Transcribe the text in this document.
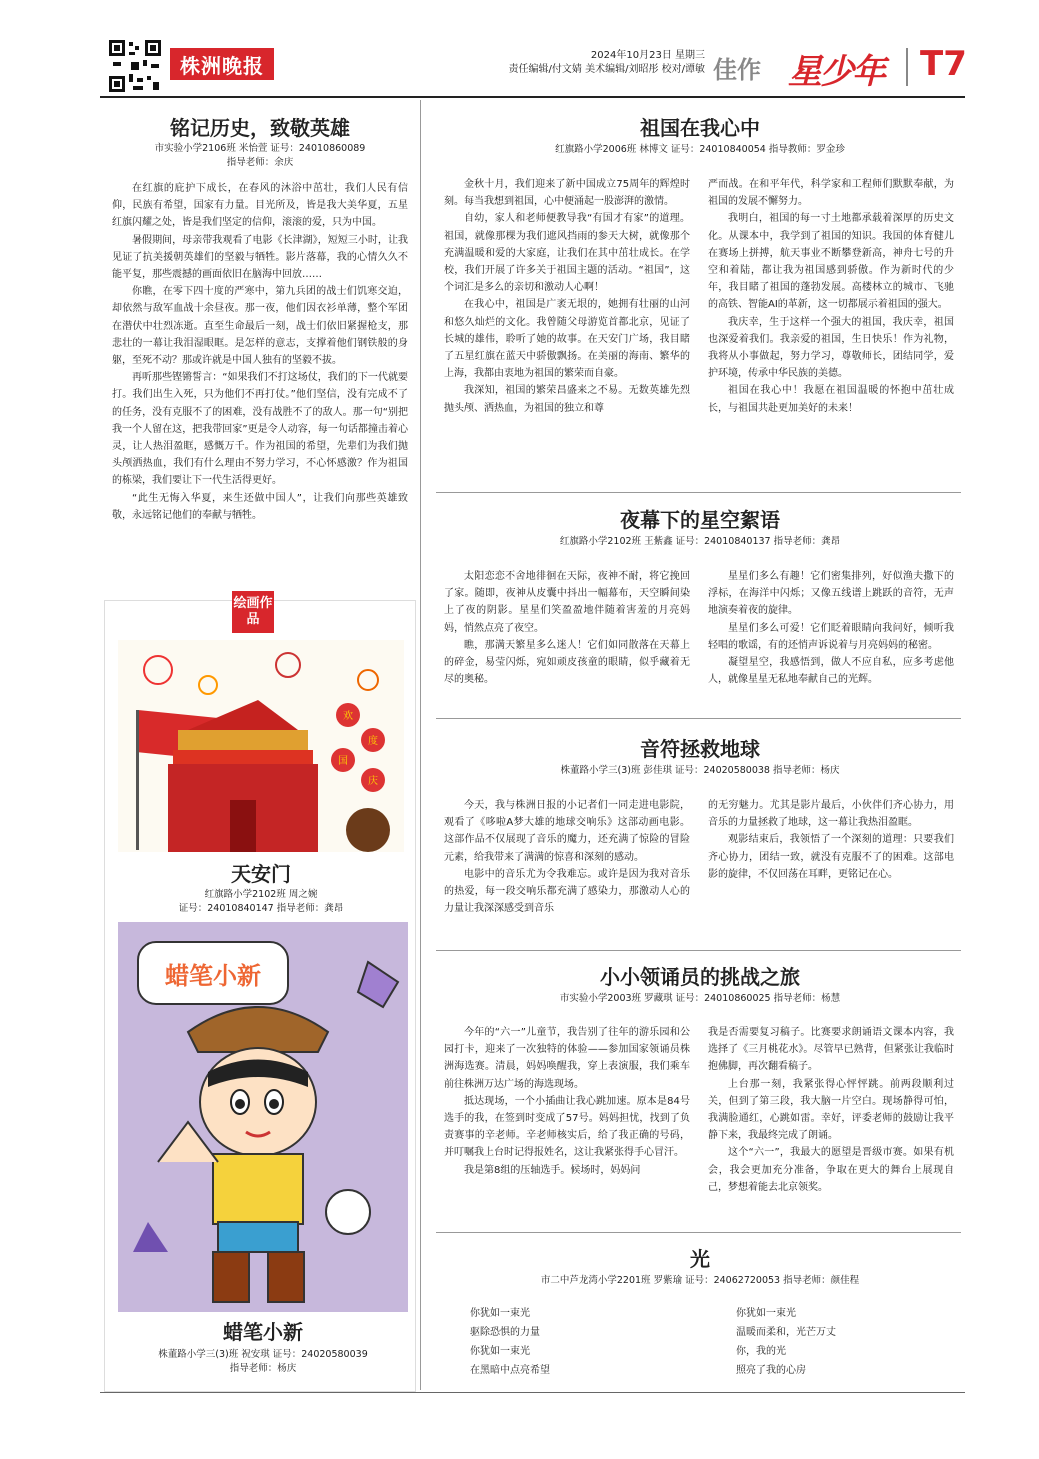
株洲晚报	2024年10月23日 星期三
责任编辑/付文婧 美术编辑/刘昭彤 校对/谭敏 佳作 星少年 T7
铭记历史，致敬英雄
市实验小学2106班 米怡萱 证号：24010860089
指导老师：余庆

在红旗的庇护下成长，在春风的沐浴中茁壮，我们人民有信仰，民族有希望，国家有力量。目光所及，皆是我大美华夏，五星红旗闪耀之处，皆是我们坚定的信仰，滚滚的爱，只为中国。

暑假期间，母亲带我观看了电影《长津湖》，短短三小时，让我见证了抗美援朝英雄们的坚毅与牺牲。影片落幕，我的心情久久不能平复，那些震撼的画面依旧在脑海中回放……

你瞧，在零下四十度的严寒中，第九兵团的战士们饥寒交迫，却依然与敌军血战十余昼夜。那一夜，他们因衣衫单薄，整个军团在潜伏中壮烈冻逝。直至生命最后一刻，战士们依旧紧握枪支，那悲壮的一幕让我泪湿眼眶。是怎样的意志，支撑着他们钢铁般的身躯，至死不动？那或许就是中国人独有的坚毅不拔。

再听那些铿锵誓言：“如果我们不打这场仗，我们的下一代就要打。我们出生入死，只为他们不再打仗。”他们坚信，没有完成不了的任务，没有克服不了的困难，没有战胜不了的敌人。那一句“别把我一个人留在这，把我带回家”更是令人动容，每一句话都撞击着心灵，让人热泪盈眶，感慨万千。作为祖国的希望，先辈们为我们抛头颅洒热血，我们有什么理由不努力学习，不心怀感激？作为祖国的栋梁，我们要让下一代生活得更好。

“此生无悔入华夏，来生还做中国人”，让我们向那些英雄致敬，永远铭记他们的奉献与牺牲。

绘画作品
欢
度
国
庆
天安门
红旗路小学2102班 周之婉
证号：24010840147 指导老师：龚昂
蜡笔小新
蜡笔小新
株董路小学三(3)班 祝安琪 证号：24020580039
指导老师：杨庆
祖国在我心中
红旗路小学2006班 林博文 证号：24010840054 指导教师：罗金珍

金秋十月，我们迎来了新中国成立75周年的辉煌时刻。每当我想到祖国，心中便涌起一股澎湃的激情。

自幼，家人和老师便教导我“有国才有家”的道理。祖国，就像那棵为我们遮风挡雨的参天大树，就像那个充满温暖和爱的大家庭，让我们在其中茁壮成长。在学校，我们开展了许多关于祖国主题的活动。“祖国”，这个词汇是多么的亲切和激动人心啊！

在我心中，祖国是广袤无垠的，她拥有壮丽的山河和悠久灿烂的文化。我曾随父母游览首都北京，见证了长城的雄伟，聆听了她的故事。在天安门广场，我目睹了五星红旗在蓝天中骄傲飘扬。在美丽的海南、繁华的上海，我都由衷地为祖国的繁荣而自豪。

我深知，祖国的繁荣昌盛来之不易。无数英雄先烈抛头颅、洒热血，为祖国的独立和尊

严而战。在和平年代，科学家和工程师们默默奉献，为祖国的发展不懈努力。

我明白，祖国的每一寸土地都承载着深厚的历史文化。从课本中，我学到了祖国的知识。我国的体育健儿在赛场上拼搏，航天事业不断攀登新高，神舟七号的升空和着陆，都让我为祖国感到骄傲。作为新时代的少年，我目睹了祖国的蓬勃发展。高楼林立的城市、飞驰的高铁、智能AI的革新，这一切都展示着祖国的强大。

我庆幸，生于这样一个强大的祖国，我庆幸，祖国也深爱着我们。我亲爱的祖国，生日快乐！作为礼物，我将从小事做起，努力学习，尊敬师长，团结同学，爱护环境，传承中华民族的美德。

祖国在我心中！我愿在祖国温暖的怀抱中茁壮成长，与祖国共赴更加美好的未来！

夜幕下的星空絮语
红旗路小学2102班 王紫鑫 证号：24010840137 指导老师：龚昂

太阳恋恋不舍地徘徊在天际，夜神不耐，将它挽回了家。随即，夜神从皮囊中抖出一幅幕布，天空瞬间染上了夜的阴影。星星们笑盈盈地伴随着害羞的月亮妈妈，悄然点亮了夜空。

瞧，那满天繁星多么迷人！它们如同散落在天幕上的碎金，易莹闪烁，宛如顽皮孩童的眼睛，似乎藏着无尽的奥秘。

星星们多么有趣！它们密集排列，好似渔夫撒下的浮标，在海洋中闪烁；又像五线谱上跳跃的音符，无声地演奏着夜的旋律。

星星们多么可爱！它们眨着眼睛向我问好，倾听我轻唱的歌谣，有的还悄声诉说着与月亮妈妈的秘密。

凝望星空，我感悟到，做人不应自私，应多考虑他人，就像星星无私地奉献自己的光辉。

音符拯救地球
株董路小学三(3)班 彭佳琪 证号：24020580038 指导老师：杨庆

今天，我与株洲日报的小记者们一同走进电影院，观看了《哆啦A梦大雄的地球交响乐》这部动画电影。这部作品不仅展现了音乐的魔力，还充满了惊险的冒险元素，给我带来了满满的惊喜和深刻的感动。

电影中的音乐尤为令我难忘。或许是因为我对音乐的热爱，每一段交响乐都充满了感染力，那激动人心的力量让我深深感受到音乐

的无穷魅力。尤其是影片最后，小伙伴们齐心协力，用音乐的力量拯救了地球，这一幕让我热泪盈眶。

观影结束后，我领悟了一个深刻的道理：只要我们齐心协力，团结一致，就没有克服不了的困难。这部电影的旋律，不仅回荡在耳畔，更铭记在心。

小小领诵员的挑战之旅
市实验小学2003班 罗藏琪 证号：24010860025 指导老师：杨慧

今年的“六一”儿童节，我告别了往年的游乐园和公园打卡，迎来了一次独特的体验——参加国家领诵员株洲海选赛。清晨，妈妈唤醒我，穿上表演服，我们乘车前往株洲万达广场的海选现场。

抵达现场，一个小插曲让我心跳加速。原本是84号选手的我，在签到时变成了57号。妈妈担忧，找到了负责赛事的辛老师。辛老师核实后，给了我正确的号码，并叮嘱我上台时记得报姓名，这让我紧张得手心冒汗。

我是第8组的压轴选手。候场时，妈妈问

我是否需要复习稿子。比赛要求朗诵语文课本内容，我选择了《三月桃花水》。尽管早已熟背，但紧张让我临时抱佛脚，再次翻看稿子。

上台那一刻，我紧张得心怦怦跳。前两段顺利过关，但到了第三段，我大脑一片空白。现场静得可怕，我满脸通红，心跳如雷。幸好，评委老师的鼓励让我平静下来，我最终完成了朗诵。

这个“六一”，我最大的愿望是晋级市赛。如果有机会，我会更加充分准备，争取在更大的舞台上展现自己，梦想着能去北京领奖。

光
市二中芦龙湾小学2201班 罗紫瑜 证号：24062720053 指导老师：颜佳程
你犹如一束光
驱除恐惧的力量
你犹如一束光
在黑暗中点亮希望
你犹如一束光
温暖而柔和，光芒万丈
你，我的光
照亮了我的心房
